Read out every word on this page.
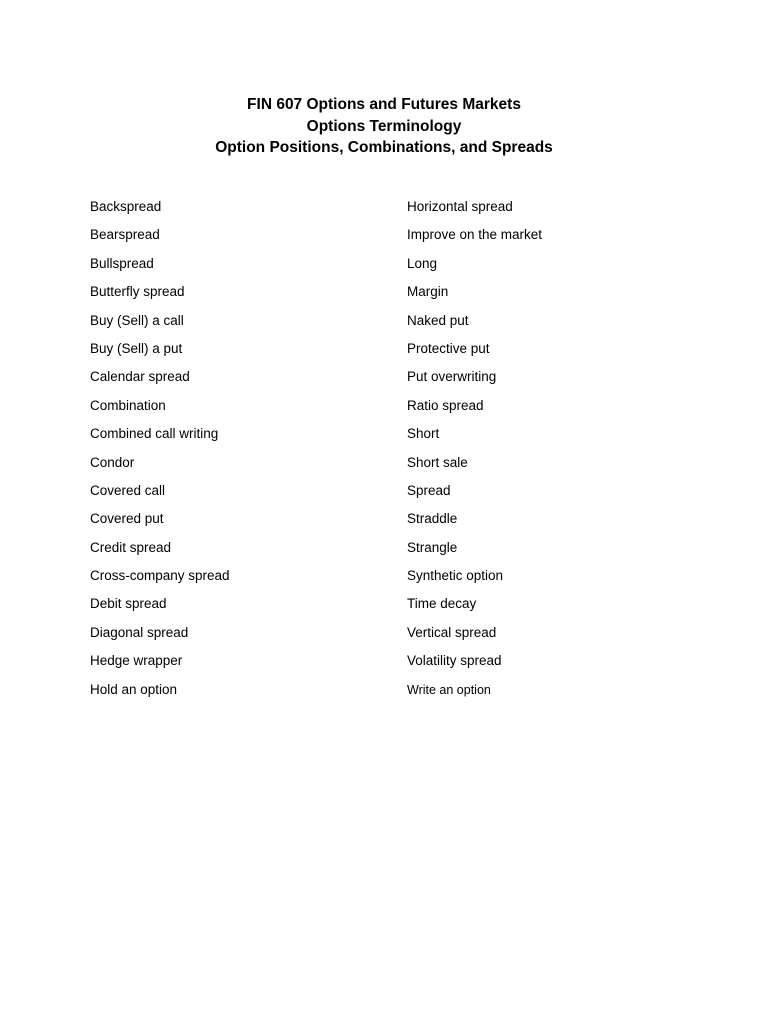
FIN 607 Options and Futures Markets
Options Terminology
Option Positions, Combinations, and Spreads
Backspread
Bearspread
Bullspread
Butterfly spread
Buy (Sell) a call
Buy (Sell) a put
Calendar spread
Combination
Combined call writing
Condor
Covered call
Covered put
Credit spread
Cross-company spread
Debit spread
Diagonal spread
Hedge wrapper
Hold an option
Horizontal spread
Improve on the market
Long
Margin
Naked put
Protective put
Put overwriting
Ratio spread
Short
Short sale
Spread
Straddle
Strangle
Synthetic option
Time decay
Vertical spread
Volatility spread
Write an option
